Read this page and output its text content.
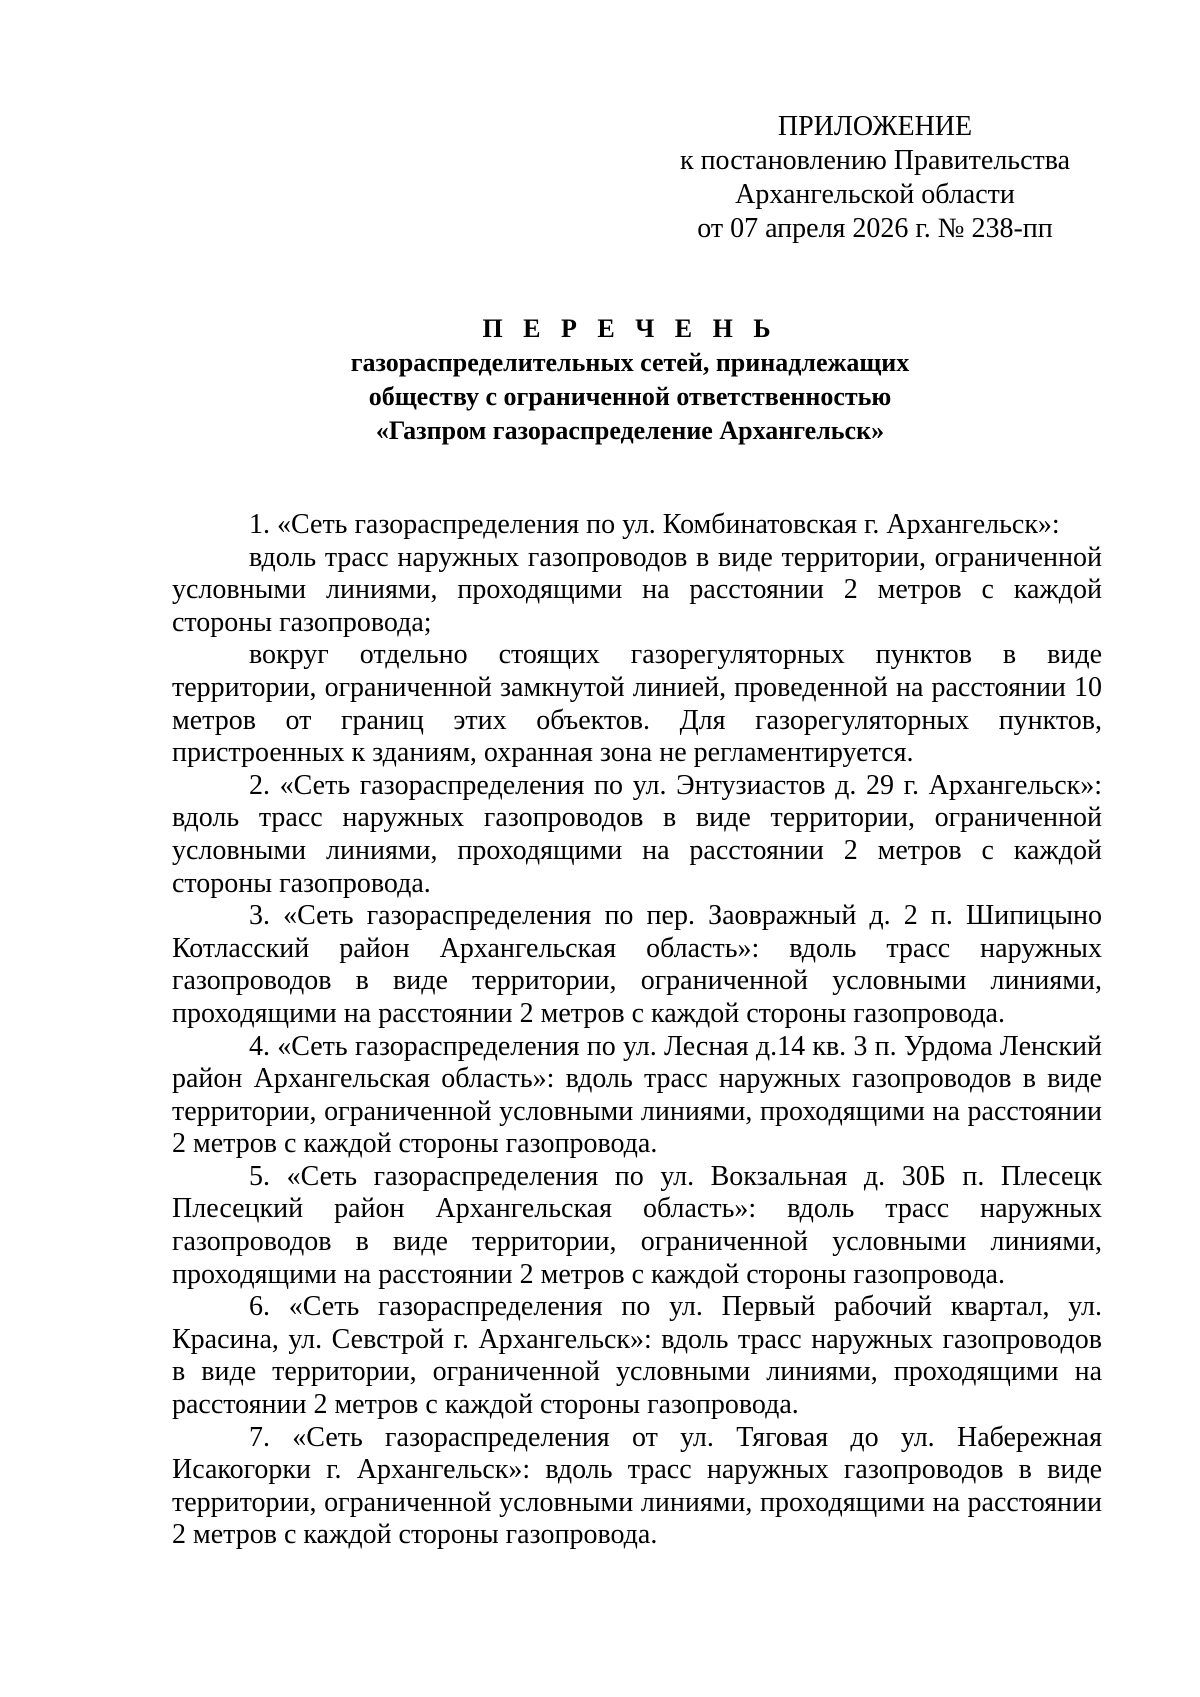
ПРИЛОЖЕНИЕ
к постановлению Правительства
Архангельской области
от 07 апреля 2026 г. № 238-пп
П Е Р Е Ч Е Н Ь
газораспределительных сетей, принадлежащих
обществу с ограниченной ответственностью
«Газпром газораспределение Архангельск»

1. «Сеть газораспределения по ул. Комбинатовская г. Архангельск»:

вдоль трасс наружных газопроводов в виде территории, ограниченной условными линиями, проходящими на расстоянии 2 метров с каждой стороны газопровода;

вокруг отдельно стоящих газорегуляторных пунктов в виде территории, ограниченной замкнутой линией, проведенной на расстоянии 10 метров от границ этих объектов. Для газорегуляторных пунктов, пристроенных к зданиям, охранная зона не регламентируется.

2. «Сеть газораспределения по ул. Энтузиастов д. 29 г. Архангельск»: вдоль трасс наружных газопроводов в виде территории, ограниченной условными линиями, проходящими на расстоянии 2 метров с каждой стороны газопровода.

3. «Сеть газораспределения по пер. Заовражный д. 2 п. Шипицыно Котласский район Архангельская область»: вдоль трасс наружных газопроводов в виде территории, ограниченной условными линиями, проходящими на расстоянии 2 метров с каждой стороны газопровода.

4. «Сеть газораспределения по ул. Лесная д.14 кв. 3 п. Урдома Ленский район Архангельская область»: вдоль трасс наружных газопроводов в виде территории, ограниченной условными линиями, проходящими на расстоянии 2 метров с каждой стороны газопровода.

5. «Сеть газораспределения по ул. Вокзальная д. 30Б п. Плесецк Плесецкий район Архангельская область»: вдоль трасс наружных газопроводов в виде территории, ограниченной условными линиями, проходящими на расстоянии 2 метров с каждой стороны газопровода.

6. «Сеть газораспределения по ул. Первый рабочий квартал, ул. Красина, ул. Севстрой г. Архангельск»: вдоль трасс наружных газопроводов в виде территории, ограниченной условными линиями, проходящими на расстоянии 2 метров с каждой стороны газопровода.

7. «Сеть газораспределения от ул. Тяговая до ул. Набережная Исакогорки г. Архангельск»: вдоль трасс наружных газопроводов в виде территории, ограниченной условными линиями, проходящими на расстоянии 2 метров с каждой стороны газопровода.
